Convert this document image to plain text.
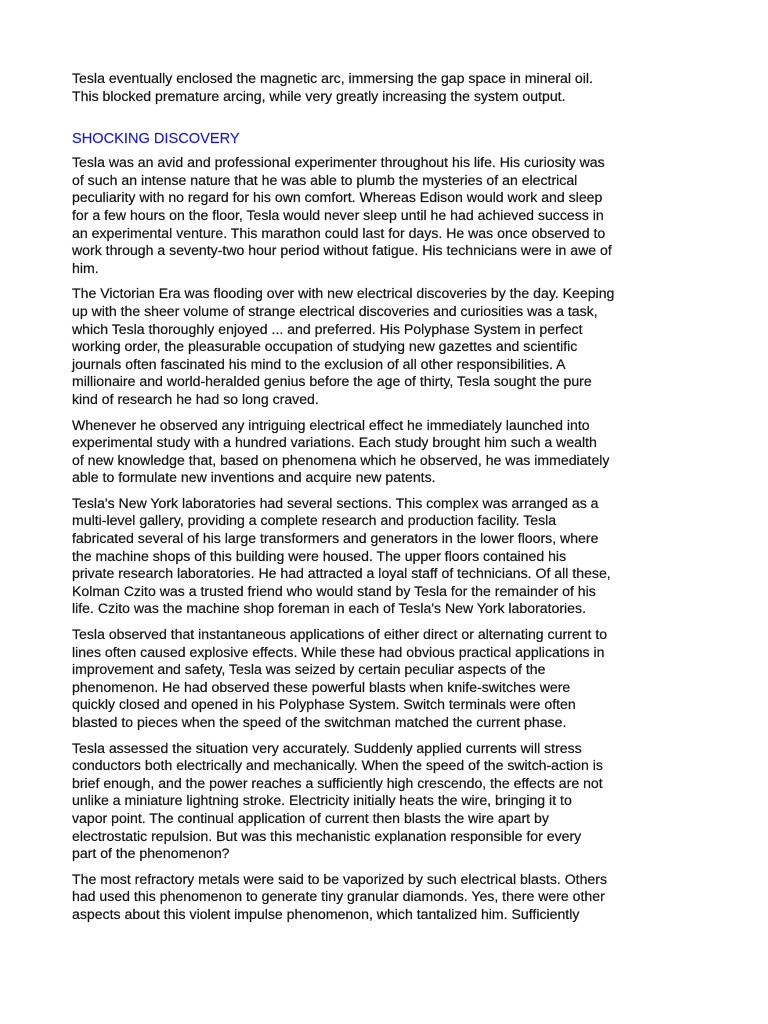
Tesla eventually enclosed the magnetic arc, immersing the gap space in mineral oil.
This blocked premature arcing, while very greatly increasing the system output.
SHOCKING DISCOVERY
Tesla was an avid and professional experimenter throughout his life. His curiosity was
of such an intense nature that he was able to plumb the mysteries of an electrical
peculiarity with no regard for his own comfort. Whereas Edison would work and sleep
for a few hours on the floor, Tesla would never sleep until he had achieved success in
an experimental venture. This marathon could last for days. He was once observed to
work through a seventy-two hour period without fatigue. His technicians were in awe of
him.
The Victorian Era was flooding over with new electrical discoveries by the day. Keeping
up with the sheer volume of strange electrical discoveries and curiosities was a task,
which Tesla thoroughly enjoyed ... and preferred. His Polyphase System in perfect
working order, the pleasurable occupation of studying new gazettes and scientific
journals often fascinated his mind to the exclusion of all other responsibilities. A
millionaire and world-heralded genius before the age of thirty, Tesla sought the pure
kind of research he had so long craved.
Whenever he observed any intriguing electrical effect he immediately launched into
experimental study with a hundred variations. Each study brought him such a wealth
of new knowledge that, based on phenomena which he observed, he was immediately
able to formulate new inventions and acquire new patents.
Tesla's New York laboratories had several sections. This complex was arranged as a
multi-level gallery, providing a complete research and production facility. Tesla
fabricated several of his large transformers and generators in the lower floors, where
the machine shops of this building were housed. The upper floors contained his
private research laboratories. He had attracted a loyal staff of technicians. Of all these,
Kolman Czito was a trusted friend who would stand by Tesla for the remainder of his
life. Czito was the machine shop foreman in each of Tesla's New York laboratories.
Tesla observed that instantaneous applications of either direct or alternating current to
lines often caused explosive effects. While these had obvious practical applications in
improvement and safety, Tesla was seized by certain peculiar aspects of the
phenomenon. He had observed these powerful blasts when knife-switches were
quickly closed and opened in his Polyphase System. Switch terminals were often
blasted to pieces when the speed of the switchman matched the current phase.
Tesla assessed the situation very accurately. Suddenly applied currents will stress
conductors both electrically and mechanically. When the speed of the switch-action is
brief enough, and the power reaches a sufficiently high crescendo, the effects are not
unlike a miniature lightning stroke. Electricity initially heats the wire, bringing it to
vapor point. The continual application of current then blasts the wire apart by
electrostatic repulsion. But was this mechanistic explanation responsible for every
part of the phenomenon?
The most refractory metals were said to be vaporized by such electrical blasts. Others
had used this phenomenon to generate tiny granular diamonds. Yes, there were other
aspects about this violent impulse phenomenon, which tantalized him. Sufficiently
